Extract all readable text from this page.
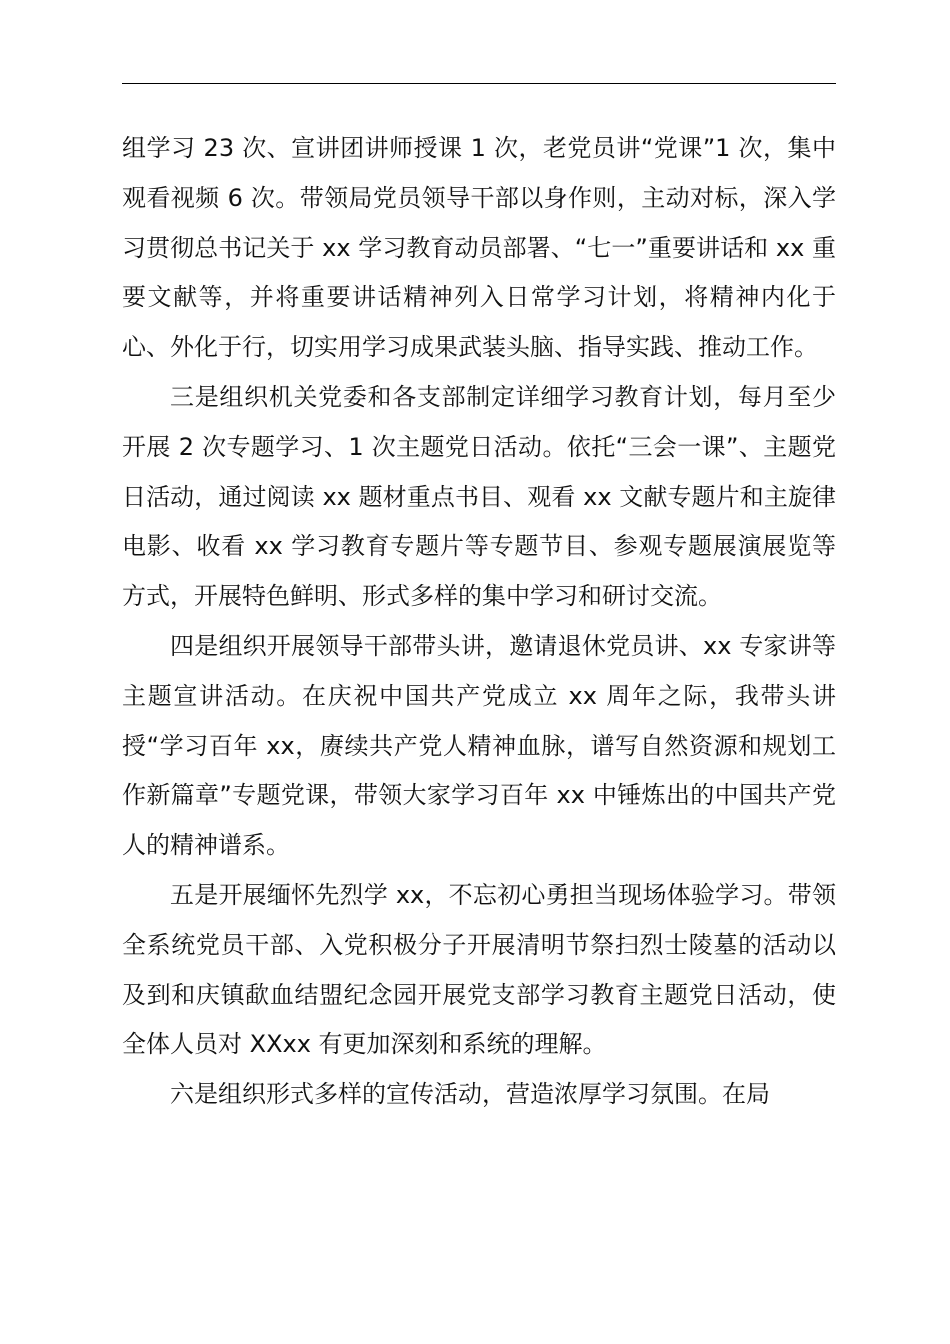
组学习 23 次、宣讲团讲师授课 1 次，老党员讲“党课”1 次，集中观看视频 6 次。带领局党员领导干部以身作则，主动对标，深入学习贯彻总书记关于 xx 学习教育动员部署、“七一”重要讲话和 xx 重要文献等，并将重要讲话精神列入日常学习计划，将精神内化于心、外化于行，切实用学习成果武装头脑、指导实践、推动工作。

三是组织机关党委和各支部制定详细学习教育计划，每月至少开展 2 次专题学习、1 次主题党日活动。依托“三会一课”、主题党日活动，通过阅读 xx 题材重点书目、观看 xx 文献专题片和主旋律电影、收看 xx 学习教育专题片等专题节目、参观专题展演展览等方式，开展特色鲜明、形式多样的集中学习和研讨交流。

四是组织开展领导干部带头讲，邀请退休党员讲、xx 专家讲等主题宣讲活动。在庆祝中国共产党成立 xx 周年之际，我带头讲授“学习百年 xx，赓续共产党人精神血脉，谱写自然资源和规划工作新篇章”专题党课，带领大家学习百年 xx 中锤炼出的中国共产党人的精神谱系。

五是开展缅怀先烈学 xx，不忘初心勇担当现场体验学习。带领全系统党员干部、入党积极分子开展清明节祭扫烈士陵墓的活动以及到和庆镇歃血结盟纪念园开展党支部学习教育主题党日活动，使全体人员对 XXxx 有更加深刻和系统的理解。

六是组织形式多样的宣传活动，营造浓厚学习氛围。在局
